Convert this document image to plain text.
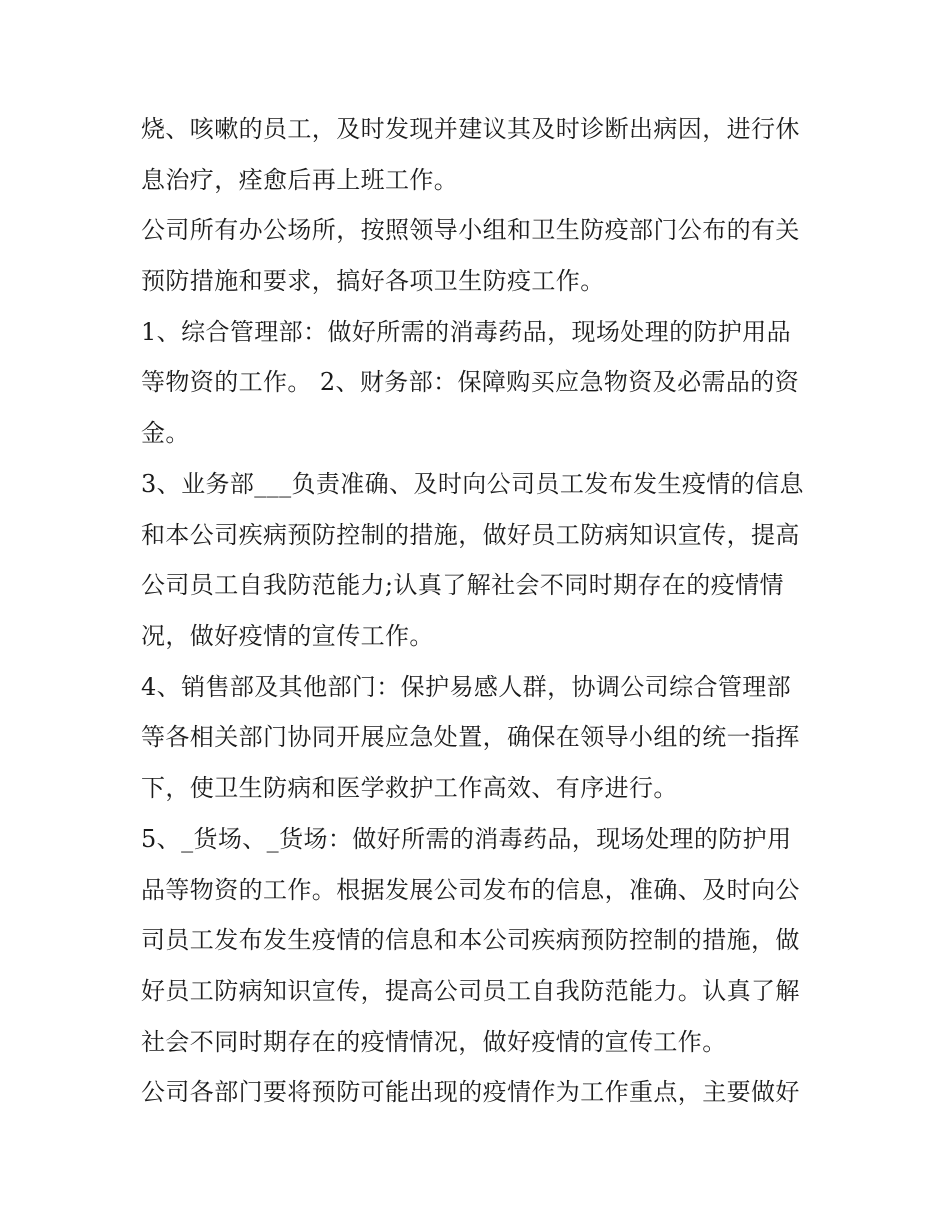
烧、咳嗽的员工，及时发现并建议其及时诊断出病因，进行休
息治疗，痊愈后再上班工作。
公司所有办公场所，按照领导小组和卫生防疫部门公布的有关
预防措施和要求，搞好各项卫生防疫工作。
1、综合管理部：做好所需的消毒药品，现场处理的防护用品
等物资的工作。 2、财务部：保障购买应急物资及必需品的资
金。
3、业务部___负责准确、及时向公司员工发布发生疫情的信息
和本公司疾病预防控制的措施，做好员工防病知识宣传，提高
公司员工自我防范能力;认真了解社会不同时期存在的疫情情
况，做好疫情的宣传工作。
4、销售部及其他部门：保护易感人群，协调公司综合管理部
等各相关部门协同开展应急处置，确保在领导小组的统一指挥
下，使卫生防病和医学救护工作高效、有序进行。
5、_货场、_货场：做好所需的消毒药品，现场处理的防护用
品等物资的工作。根据发展公司发布的信息，准确、及时向公
司员工发布发生疫情的信息和本公司疾病预防控制的措施，做
好员工防病知识宣传，提高公司员工自我防范能力。认真了解
社会不同时期存在的疫情情况，做好疫情的宣传工作。
公司各部门要将预防可能出现的疫情作为工作重点，主要做好
